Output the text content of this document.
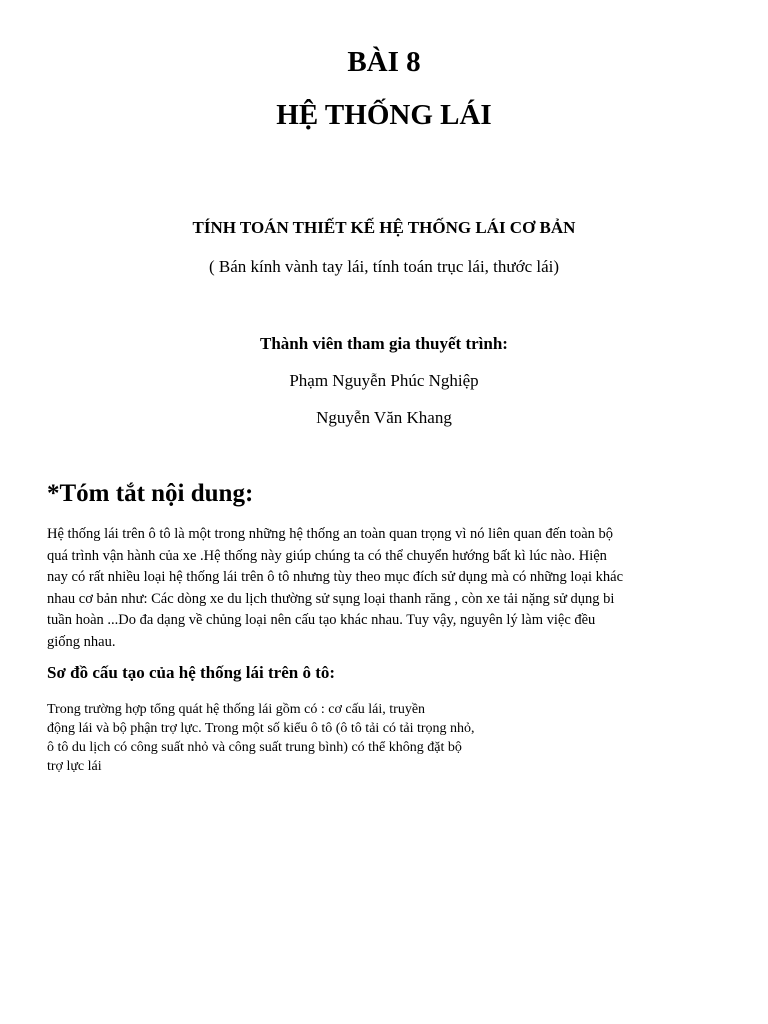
BÀI 8
HỆ THỐNG LÁI
TÍNH TOÁN THIẾT KẾ HỆ THỐNG LÁI CƠ BẢN
( Bán kính vành tay lái, tính toán trục lái, thước lái)
Thành viên tham gia thuyết trình:
Phạm Nguyễn Phúc Nghiệp
Nguyễn Văn Khang
*Tóm tắt nội dung:
Hệ thống lái trên ô tô là một trong những hệ thống an toàn quan trọng vì nó liên quan đến toàn bộ
quá trình vận hành của xe .Hệ thống này giúp chúng ta có thể chuyển hướng bất kì lúc nào. Hiện
nay có rất nhiều loại hệ thống lái trên ô tô nhưng tùy theo mục đích sử dụng mà có những loại khác
nhau cơ bản như: Các dòng xe du lịch thường sử sụng loại thanh răng , còn xe tải nặng sử dụng bi
tuần hoàn ...Do đa dạng về chủng loại nên cấu tạo khác nhau. Tuy vậy, nguyên lý làm việc đều
giống nhau.
Sơ đồ cấu tạo của hệ thống lái trên ô tô:
Trong trường hợp tổng quát hệ thống lái gồm có : cơ cấu lái, truyền
động lái và bộ phận trợ lực. Trong một số kiểu ô tô (ô tô tải có tải trọng nhỏ,
ô tô du lịch có công suất nhỏ và công suất trung bình) có thể không đặt bộ
trợ lực lái
